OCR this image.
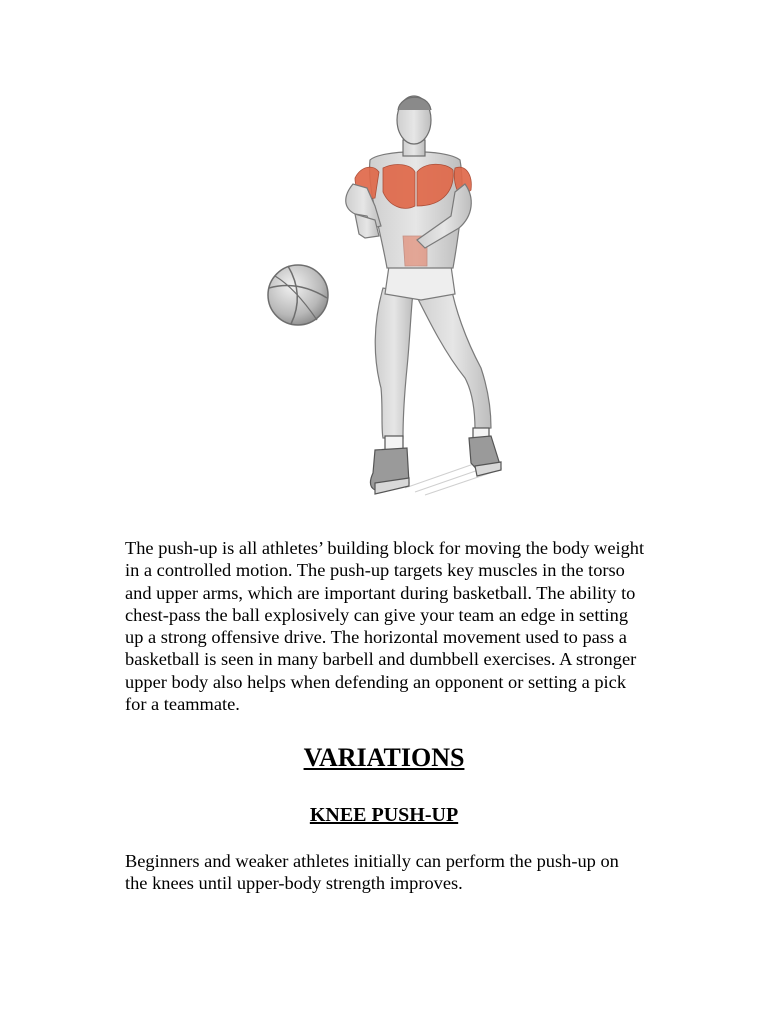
The push-up is all athletes’ building block for moving the body weight in a controlled motion. The push-up targets key muscles in the torso and upper arms, which are important during basketball. The ability to chest-pass the ball explosively can give your team an edge in setting up a strong offensive drive. The horizontal movement used to pass a basketball is seen in many barbell and dumbbell exercises. A stronger upper body also helps when defending an opponent or setting a pick for a teammate.

VARIATIONS
KNEE PUSH-UP

Beginners and weaker athletes initially can perform the push-up on the knees until upper-body strength improves.
